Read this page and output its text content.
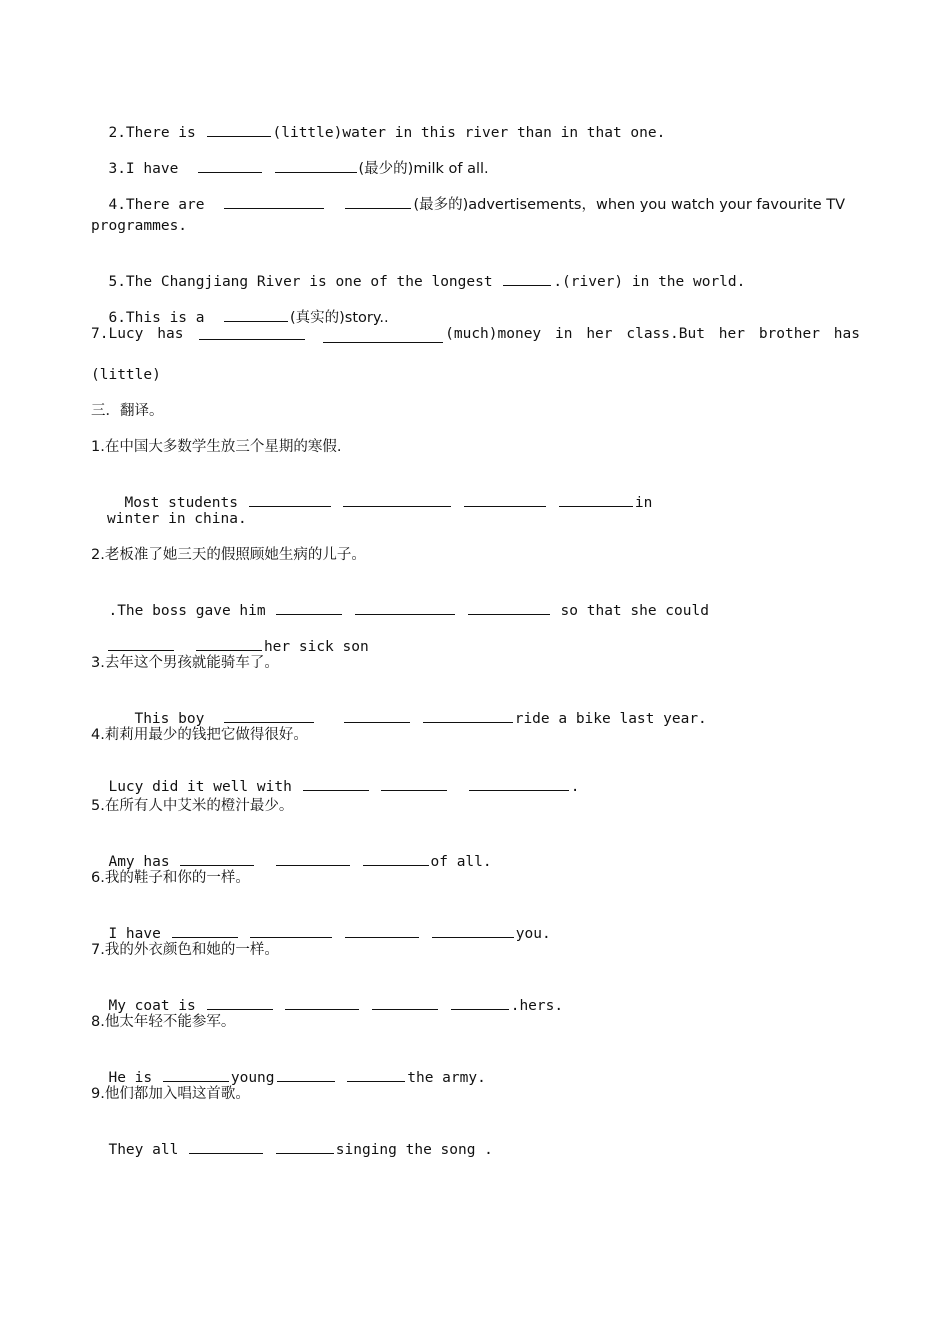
2.There is	(little)water in this river than in that one.

3.I have	(最少的)milk of all.

4.There are	(最多的)advertisements，when you watch your favourite TV

programmes.

5.The Changjiang River is one of the longest	.(river) in the world.

6.This is a	(真实的)story..

7.Lucy has	(much)money in her class.But her brother has
(little)
三．翻译。
1.在中国大多数学生放三个星期的寒假.

Most students	in

winter in china.
2.老板准了她三天的假照顾她生病的儿子。

.The boss gave him	so that she could

her sick son

3.去年这个男孩就能骑车了。

This boy	ride a bike last year.

4.莉莉用最少的钱把它做得很好。

Lucy did it well with	.

5.在所有人中艾米的橙汁最少。

Amy has	of all.

6.我的鞋子和你的一样。

I have	you.

7.我的外衣颜色和她的一样。

My coat is	.hers.

8.他太年轻不能参军。

He is	young	the army.

9.他们都加入唱这首歌。

They all	singing the song .
